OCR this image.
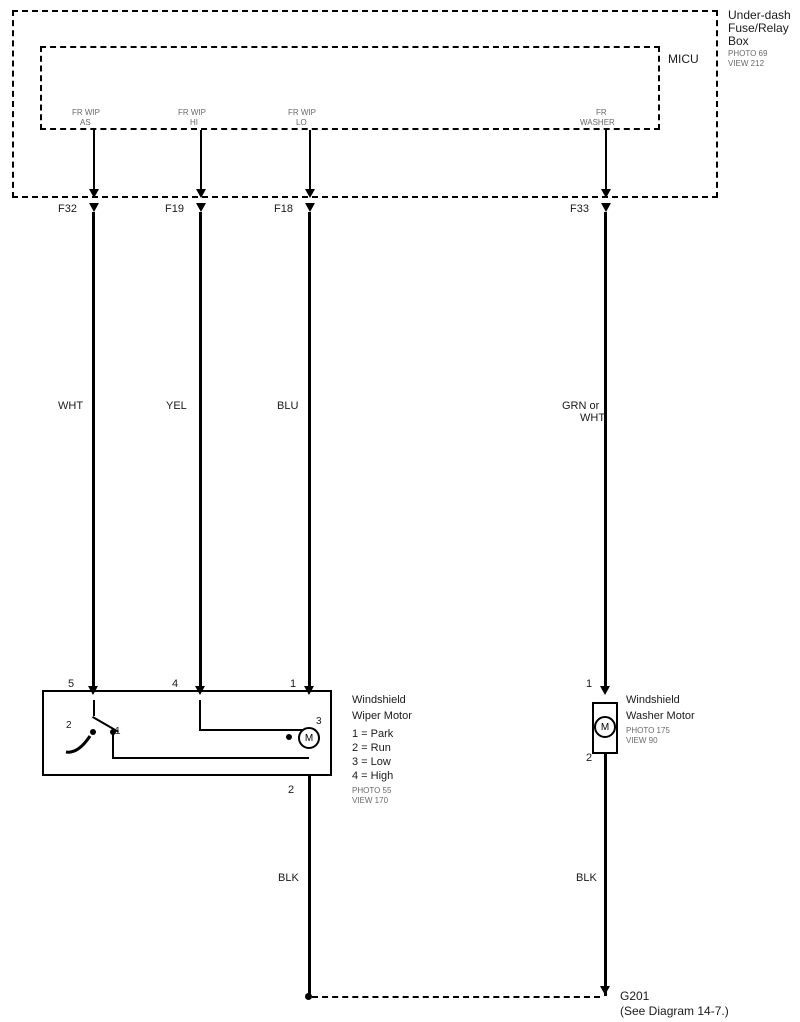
Under-dash
Fuse/Relay
Box
PHOTO 69
VIEW 212
MICU
FR WIP
AS
FR WIP
HI
FR WIP
LO
FR
WASHER
F32	F19	F18	F33
WHT	YEL	BLU	GRN or
WHT
5	4	1
2
1
M
3
Windshield
Wiper Motor
1 = Park
2 = Run
3 = Low
4 = High
PHOTO 55
VIEW 170
2
BLK
1
M
2
Windshield
Washer Motor
PHOTO 175
VIEW 90
BLK
G201
(See Diagram 14-7.)
